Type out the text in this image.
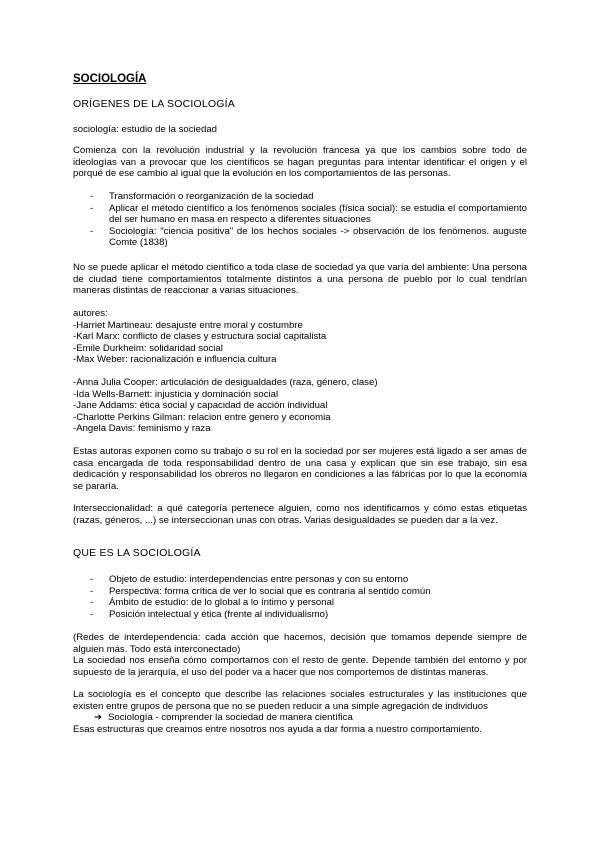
SOCIOLOGÍA
ORÍGENES DE LA SOCIOLOGÍA
sociología: estudio de la sociedad

Comienza con la revolución industrial y la revolución francesa ya que los cambios sobre todo de ideologías van a provocar que los científicos se hagan preguntas para intentar identificar el origen y el porqué de ese cambio al igual que la evolución en los comportamientos de las personas.

- Transformación o reorganización de la sociedad
- Aplicar el método científico a los fenómenos sociales (física social): se estudia el comportamiento del ser humano en masa en respecto a diferentes situaciones
- Sociología: "ciencia positiva" de los hechos sociales -> observación de los fenómenos. auguste Comte (1838)

No se puede aplicar el método científico a toda clase de sociedad ya que varía del ambiente: Una persona de ciudad tiene comportamientos totalmente distintos a una persona de pueblo por lo cual tendrían maneras distintas de reaccionar a varias situaciones.

autores:
-Harriet Martineau: desajuste entre moral y costumbre
-Karl Marx: conflicto de clases y estructura social capitalista
-Emile Durkheim: solidaridad social
-Max Weber: racionalización e influencia cultura
-Anna Julia Cooper: articulación de desigualdades (raza, género, clase)
-Ida Wells-Barnett: injusticia y dominación social
-Jane Addams: ética social y capacidad de acción individual
-Charlotte Perkins Gilman: relacion entre genero y economia
-Angela Davis: feminismo y raza

Estas autoras exponen como su trabajo o su rol en la sociedad por ser mujeres está ligado a ser amas de casa encargada de toda responsabilidad dentro de una casa y explican que sin ese trabajo, sin esa dedicación y responsabilidad los obreros no llegaron en condiciones a las fábricas por lo que la economía se pararía.

Interseccionalidad: a qué categoría pertenece alguien, como nos identificamos y cómo estas etiquetas (razas, géneros, ...) se interseccionan unas con otras. Varias desigualdades se pueden dar a la vez.

QUE ES LA SOCIOLOGÍA
- Objeto de estudio: interdependencias entre personas y con su entorno
- Perspectiva: forma crítica de ver lo social que es contraria al sentido común
- Ámbito de estudio: de lo global a lo íntimo y personal
- Posición intelectual y ética (frente al individualismo)

(Redes de interdependencia: cada acción que hacemos, decisión que tomamos depende siempre de alguien más. Todo está interconectado)

La sociedad nos enseña cómo comportarnos con el resto de gente. Depende también del entorno y por supuesto de la jerarquía, el uso del poder va a hacer que nos comportemos de distintas maneras.

La sociología es el concepto que describe las relaciones sociales estructurales y las instituciones que existen entre grupos de persona que no se pueden reducir a una simple agregación de individuos

➔ Sociología - comprender la sociedad de manera científica

Esas estructuras que creamos entre nosotros nos ayuda a dar forma a nuestro comportamiento.
